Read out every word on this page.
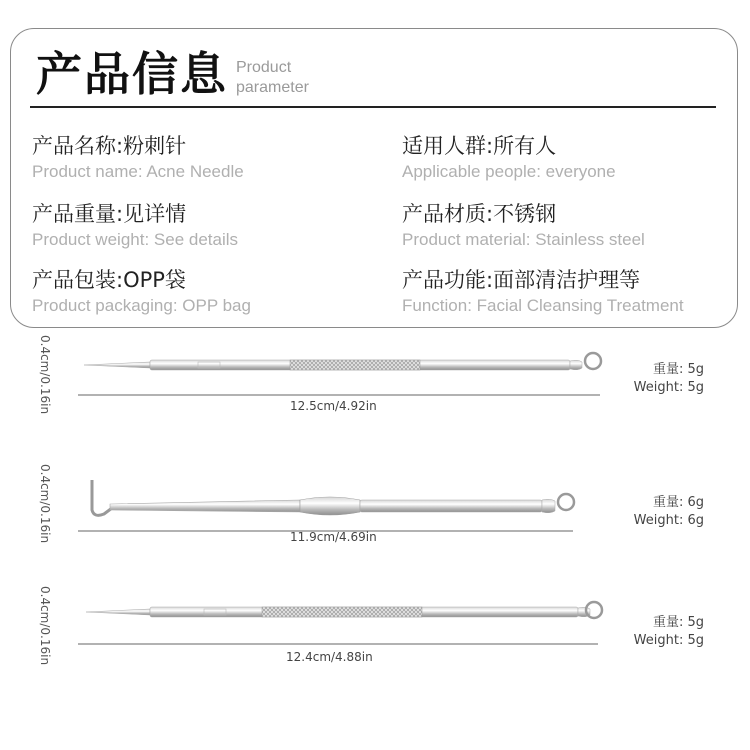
产品信息 Product
parameter
产品名称:粉刺针
Product name: Acne Needle
适用人群:所有人
Applicable people: everyone
产品重量:见详情
Product weight: See details
产品材质:不锈钢
Product material: Stainless steel
产品包装:OPP袋
Product packaging: OPP bag
产品功能:面部清洁护理等
Function: Facial Cleansing Treatment
0.4cm/0.16in	12.5cm/4.92in
重量: 5g
Weight: 5g
0.4cm/0.16in	11.9cm/4.69in
重量: 6g
Weight: 6g
0.4cm/0.16in	12.4cm/4.88in
重量: 5g
Weight: 5g
